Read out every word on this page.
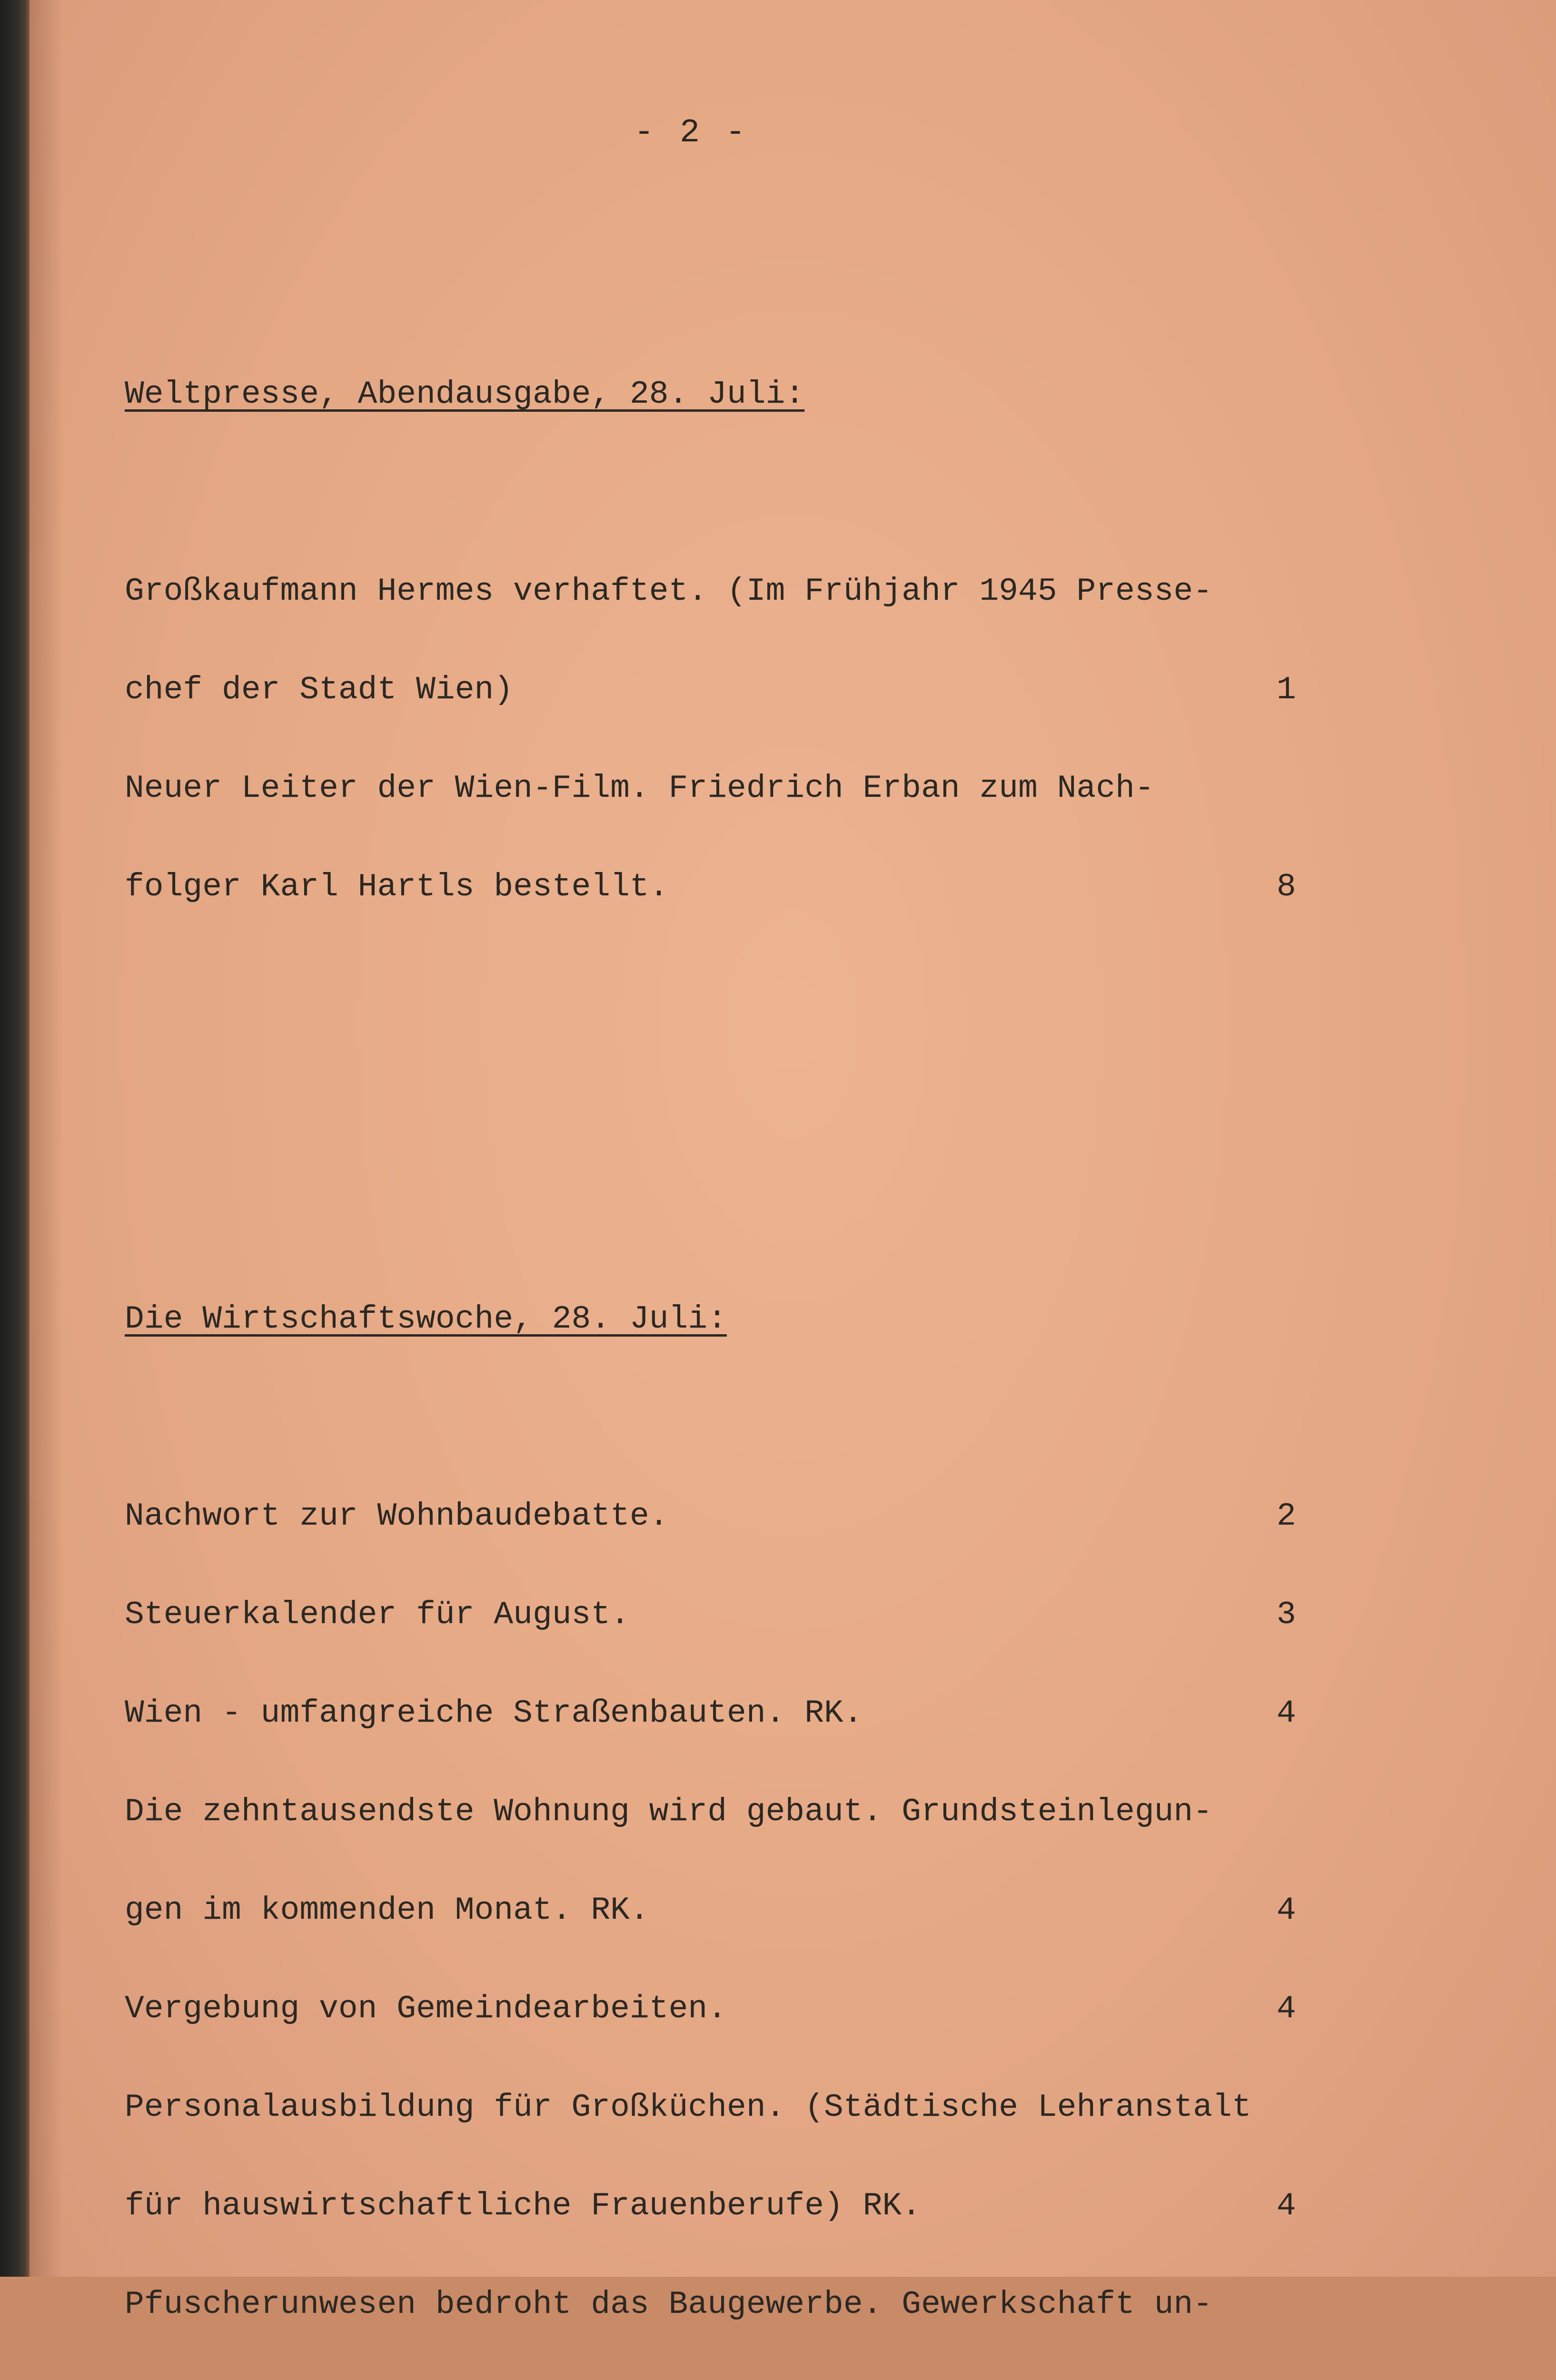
- 2 -

Weltpresse, Abendausgabe, 28. Juli:

Großkaufmann Hermes verhaftet. (Im Frühjahr 1945 Presse-

chef der Stadt Wien)	1

Neuer Leiter der Wien-Film. Friedrich Erban zum Nach-

folger Karl Hartls bestellt.	8

Die Wirtschaftswoche, 28. Juli:

Nachwort zur Wohnbaudebatte.	2

Steuerkalender für August.	3

Wien - umfangreiche Straßenbauten. RK.	4

Die zehntausendste Wohnung wird gebaut. Grundsteinlegun-

gen im kommenden Monat. RK.	4

Vergebung von Gemeindearbeiten.	4

Personalausbildung für Großküchen. (Städtische Lehranstalt

für hauswirtschaftliche Frauenberufe) RK.	4

Pfuscherunwesen bedroht das Baugewerbe. Gewerkschaft un-
